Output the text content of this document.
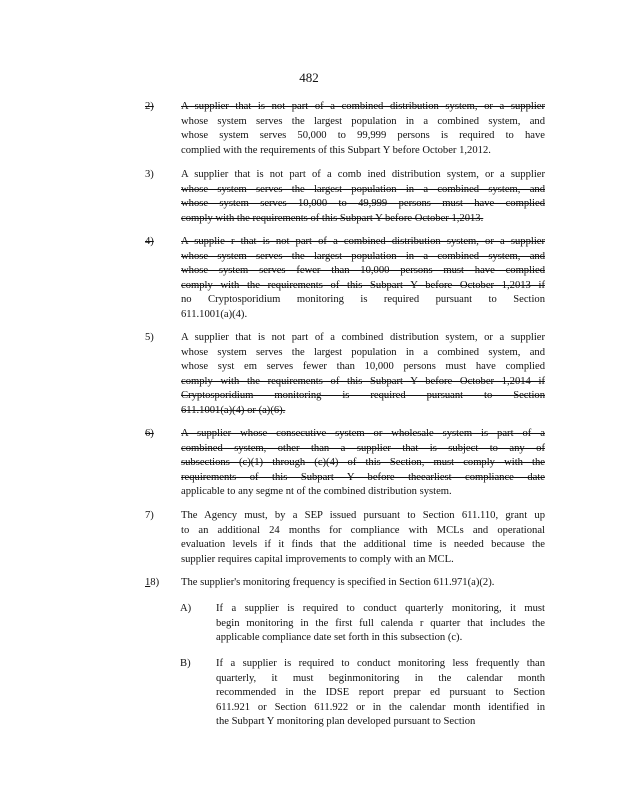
482
2)	A supplier that is not part of a combined distribution system, or a supplier
whose system serves the largest population in a combined system, and
whose system serves 50,000 to 99,999 persons is required to have
complied with the requirements of this Subpart Y before October 1,2012.
3)	A supplier that is not part of a comb ined distribution system, or a supplier
whose system serves the largest population in a combined system, and
whose system serves 10,000 to 49,999 persons must have complied
comply with the requirements of this Subpart Y before October 1,2013.
4)	A supplie r that is not part of a combined distribution system, or a supplier
whose system serves the largest population in a combined system, and
whose system serves fewer than 10,000 persons must have complied
comply with the requirements of this Subpart Y before October 1,2013 if
no Cryptosporidium monitoring is required pursuant to Section
611.1001(a)(4).
5)	A supplier that is not part of a combined distribution system, or a supplier
whose system serves the largest population in a combined system, and
whose syst em serves fewer than 10,000 persons must have complied
comply with the requirements of this Subpart Y before October 1,2014 if
Cryptosporidium monitoring is required pursuant to Section
611.1001(a)(4) or (a)(6).
6)	A supplier whose consecutive system or wholesale system is part of a
combined system, other than a supplier that is subject to any of
subsections (c)(1) through (c)(4) of this Section, must comply with the
requirements of this Subpart Y before theearliest compliance date
applicable to any segme nt of the combined distribution system.
7)	The Agency must, by a SEP issued pursuant to Section 611.110, grant up
to an additional 24 months for compliance with MCLs and operational
evaluation levels if it finds that the additional time is needed because the
supplier requires capital improvements to comply with an MCL.
18) The supplier's monitoring frequency is specified in Section 611.971(a)(2).
A) If a supplier is required to conduct quarterly monitoring, it must
begin monitoring in the first full calenda r quarter that includes the
applicable compliance date set forth in this subsection (c).
B) If a supplier is required to conduct monitoring less frequently than
quarterly, it must beginmonitoring in the calendar month
recommended in the IDSE report prepar ed pursuant to Section
611.921 or Section 611.922 or in the calendar month identified in
the Subpart Y monitoring plan developed pursuant to Section
